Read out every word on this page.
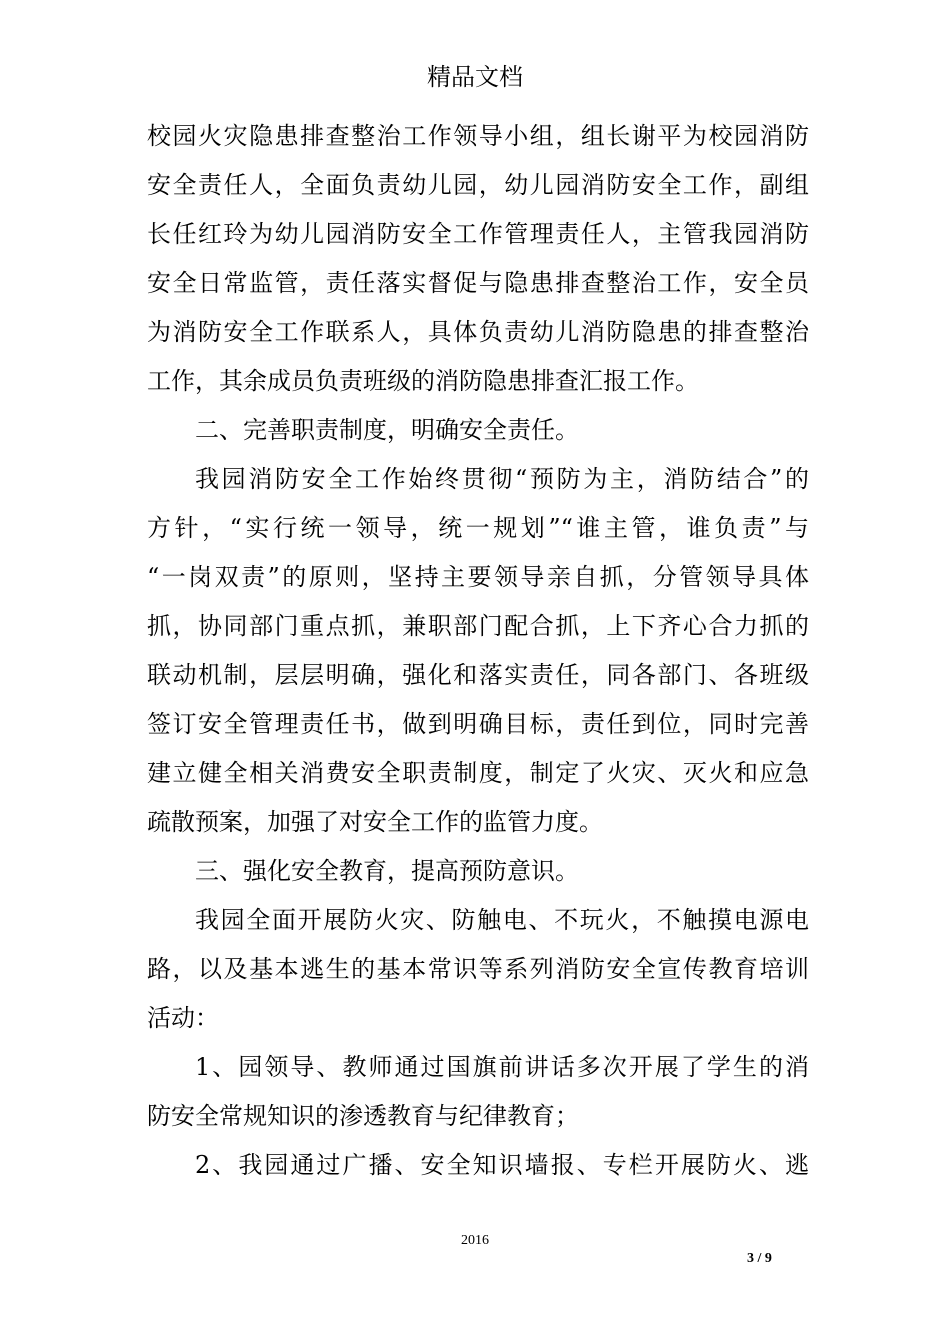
精品文档
校园火灾隐患排查整治工作领导小组，组长谢平为校园消防
安全责任人，全面负责幼儿园，幼儿园消防安全工作，副组
长任红玲为幼儿园消防安全工作管理责任人，主管我园消防
安全日常监管，责任落实督促与隐患排查整治工作，安全员
为消防安全工作联系人，具体负责幼儿消防隐患的排查整治
工作，其余成员负责班级的消防隐患排查汇报工作。
二、完善职责制度，明确安全责任。
我园消防安全工作始终贯彻“预防为主，消防结合”的
方针，“实行统一领导，统一规划”“谁主管，谁负责”与
“一岗双责”的原则，坚持主要领导亲自抓，分管领导具体
抓，协同部门重点抓，兼职部门配合抓，上下齐心合力抓的
联动机制，层层明确，强化和落实责任，同各部门、各班级
签订安全管理责任书，做到明确目标，责任到位，同时完善
建立健全相关消费安全职责制度，制定了火灾、灭火和应急
疏散预案，加强了对安全工作的监管力度。
三、强化安全教育，提高预防意识。
我园全面开展防火灾、防触电、不玩火，不触摸电源电
路，以及基本逃生的基本常识等系列消防安全宣传教育培训
活动：
1、园领导、教师通过国旗前讲话多次开展了学生的消
防安全常规知识的渗透教育与纪律教育；
2、我园通过广播、安全知识墙报、专栏开展防火、逃
2016
3 / 9
